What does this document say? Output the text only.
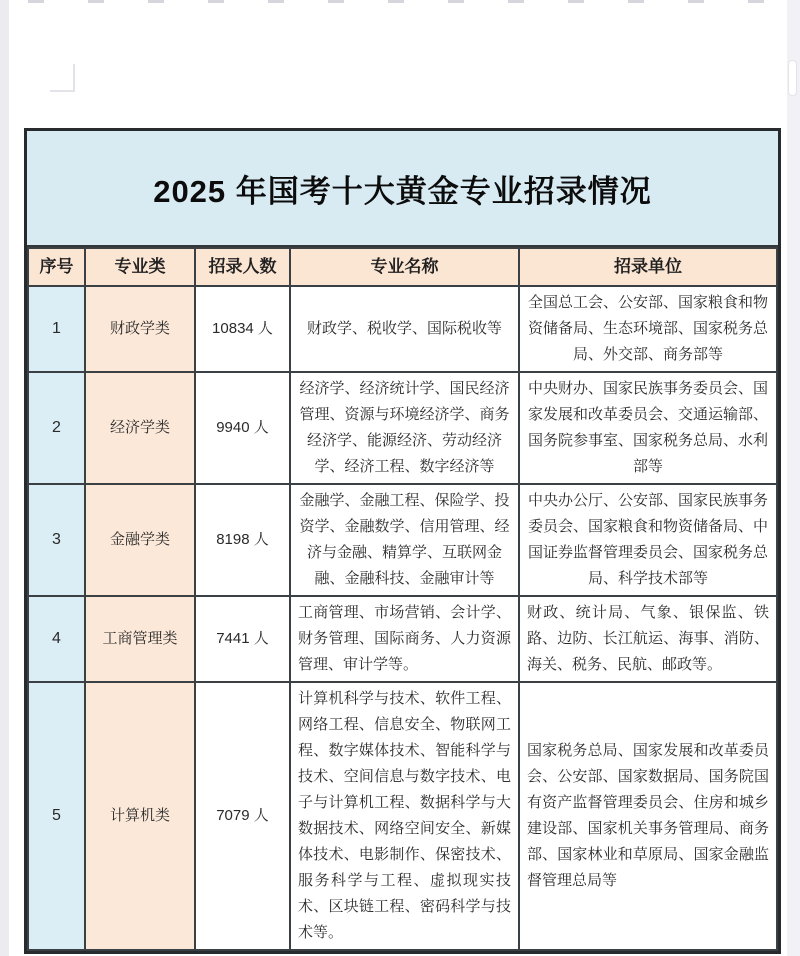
2025 年国考十大黄金专业招录情况
序号	专业类	招录人数	专业名称	招录单位
1	财政学类	10834 人	财政学、税收学、国际税收等	全国总工会、公安部、国家粮食和物资储备局、生态环境部、国家税务总局、外交部、商务部等
2	经济学类	9940 人	经济学、经济统计学、国民经济管理、资源与环境经济学、商务经济学、能源经济、劳动经济学、经济工程、数字经济等	中央财办、国家民族事务委员会、国家发展和改革委员会、交通运输部、国务院参事室、国家税务总局、水利部等
3	金融学类	8198 人	金融学、金融工程、保险学、投资学、金融数学、信用管理、经济与金融、精算学、互联网金融、金融科技、金融审计等	中央办公厅、公安部、国家民族事务委员会、国家粮食和物资储备局、中国证券监督管理委员会、国家税务总局、科学技术部等
4	工商管理类	7441 人	工商管理、市场营销、会计学、财务管理、国际商务、人力资源管理、审计学等。	财政、统计局、气象、银保监、铁路、边防、长江航运、海事、消防、海关、税务、民航、邮政等。
5	计算机类	7079 人	计算机科学与技术、软件工程、网络工程、信息安全、物联网工程、数字媒体技术、智能科学与技术、空间信息与数字技术、电子与计算机工程、数据科学与大数据技术、网络空间安全、新媒体技术、电影制作、保密技术、服务科学与工程、虚拟现实技术、区块链工程、密码科学与技术等。	国家税务总局、国家发展和改革委员会、公安部、国家数据局、国务院国有资产监督管理委员会、住房和城乡建设部、国家机关事务管理局、商务部、国家林业和草原局、国家金融监督管理总局等
